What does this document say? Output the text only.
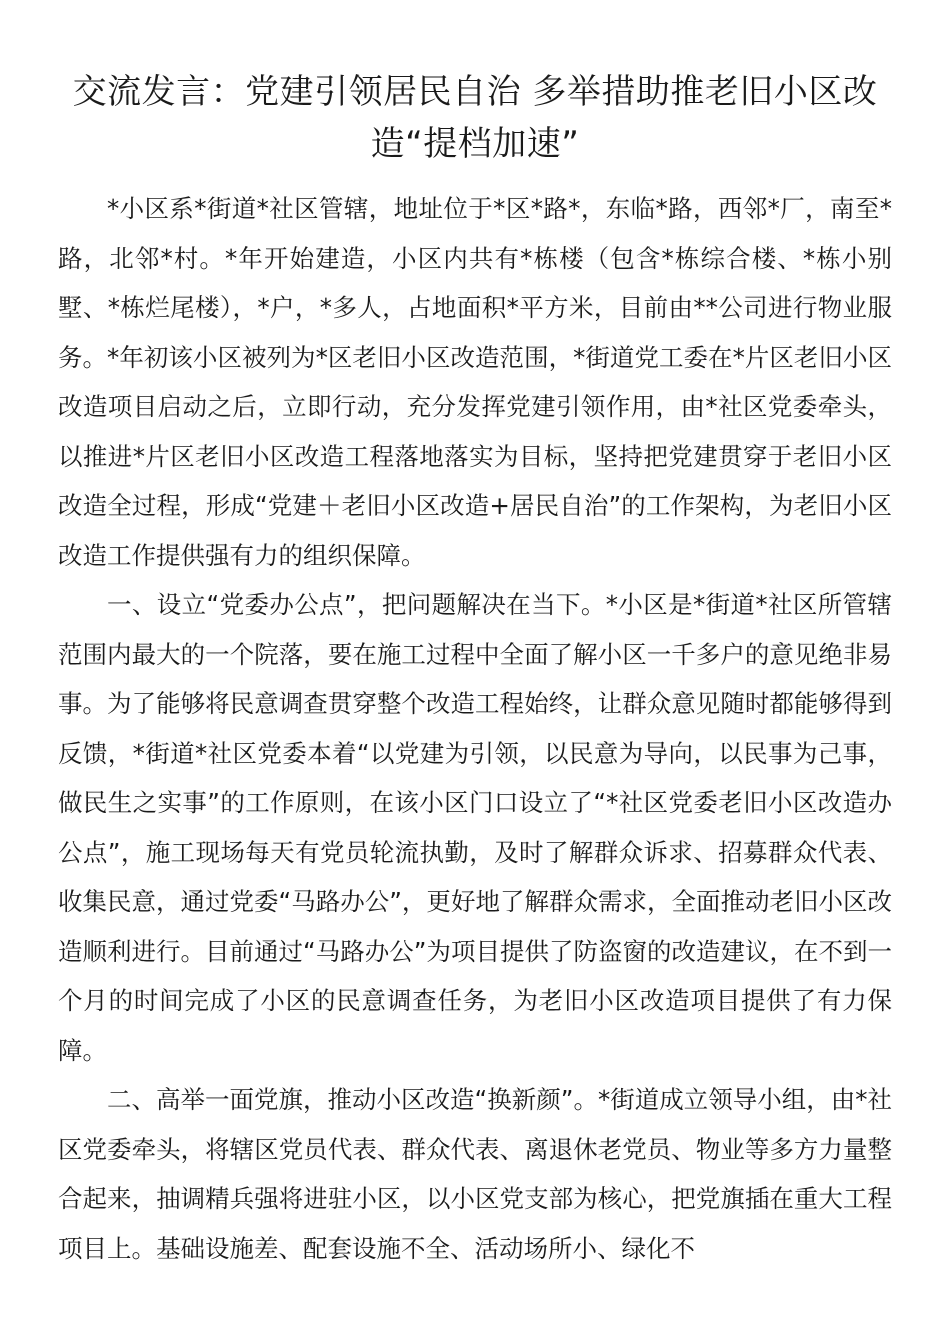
交流发言：党建引领居民自治 多举措助推老旧小区改造“提档加速”

*小区系*街道*社区管辖，地址位于*区*路*，东临*路，西邻*厂，南至*路，北邻*村。*年开始建造，小区内共有*栋楼（包含*栋综合楼、*栋小别墅、*栋烂尾楼），*户，*多人，占地面积*平方米，目前由**公司进行物业服务。*年初该小区被列为*区老旧小区改造范围，*街道党工委在*片区老旧小区改造项目启动之后，立即行动，充分发挥党建引领作用，由*社区党委牵头，以推进*片区老旧小区改造工程落地落实为目标，坚持把党建贯穿于老旧小区改造全过程，形成“党建＋老旧小区改造+居民自治”的工作架构，为老旧小区改造工作提供强有力的组织保障。

一、设立“党委办公点”，把问题解决在当下。*小区是*街道*社区所管辖范围内最大的一个院落，要在施工过程中全面了解小区一千多户的意见绝非易事。为了能够将民意调查贯穿整个改造工程始终，让群众意见随时都能够得到反馈，*街道*社区党委本着“以党建为引领，以民意为导向，以民事为己事，做民生之实事”的工作原则，在该小区门口设立了“*社区党委老旧小区改造办公点”，施工现场每天有党员轮流执勤，及时了解群众诉求、招募群众代表、收集民意，通过党委“马路办公”，更好地了解群众需求，全面推动老旧小区改造顺利进行。目前通过“马路办公”为项目提供了防盗窗的改造建议，在不到一个月的时间完成了小区的民意调查任务，为老旧小区改造项目提供了有力保障。

二、高举一面党旗，推动小区改造“换新颜”。*街道成立领导小组，由*社区党委牵头，将辖区党员代表、群众代表、离退休老党员、物业等多方力量整合起来，抽调精兵强将进驻小区，以小区党支部为核心，把党旗插在重大工程项目上。基础设施差、配套设施不全、活动场所小、绿化不
